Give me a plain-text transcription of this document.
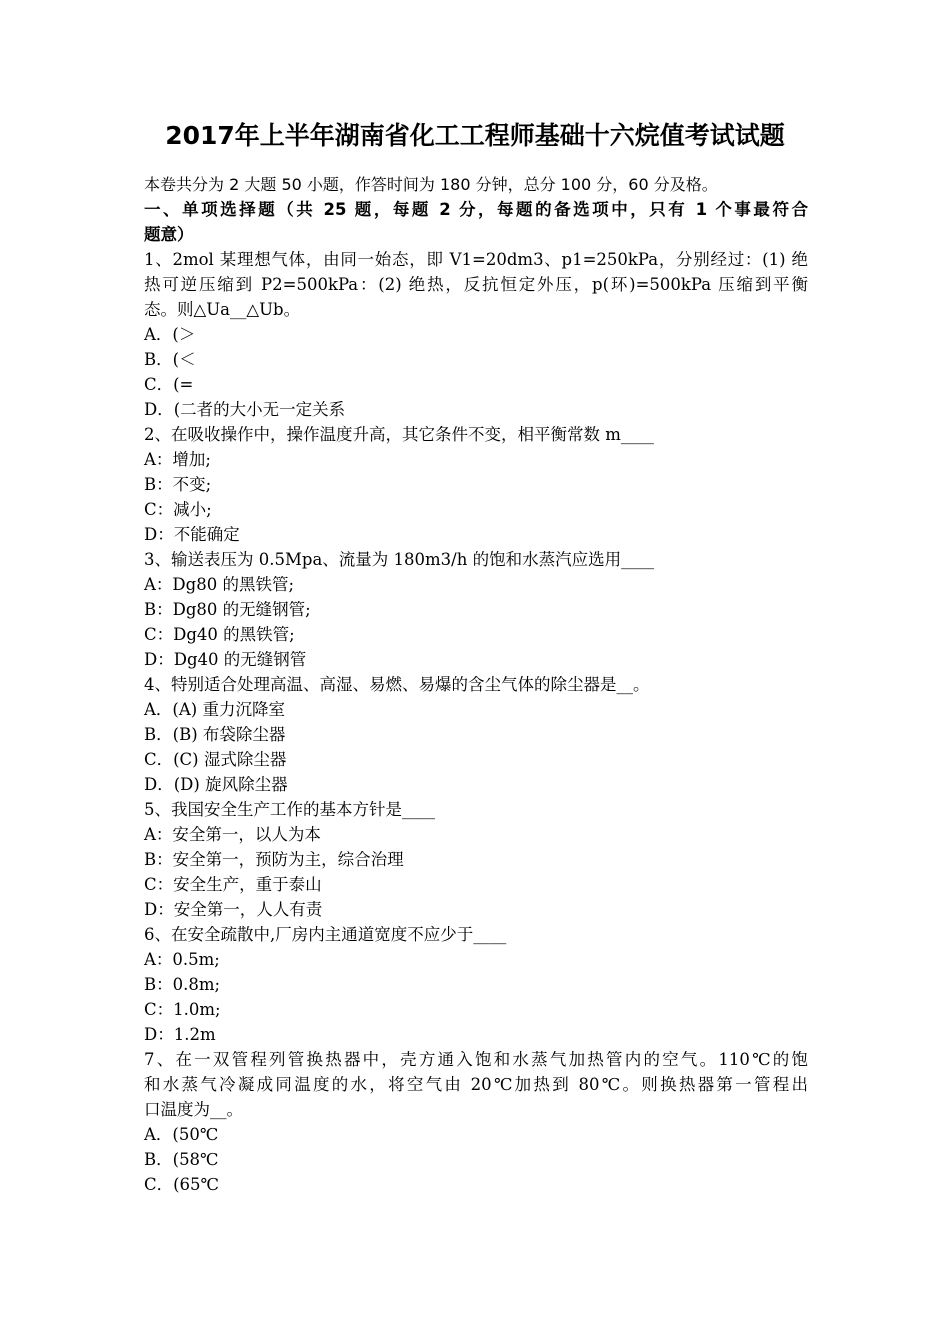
2017年上半年湖南省化工工程师基础十六烷值考试试题
本卷共分为 2 大题 50 小题，作答时间为 180 分钟，总分 100 分，60 分及格。
一、单项选择题（共 25 题，每题 2 分，每题的备选项中，只有 1 个事最符合
题意）
1、2mol 某理想气体，由同一始态，即 V1=20dm3、p1=250kPa，分别经过：(1) 绝
热可逆压缩到 P2=500kPa：(2) 绝热，反抗恒定外压，p(环)=500kPa 压缩到平衡
态。则△Ua__△Ub。
A．(＞
B．(＜
C．(=
D．(二者的大小无一定关系
2、在吸收操作中，操作温度升高，其它条件不变，相平衡常数 m____
A：增加;
B：不变;
C：减小;
D：不能确定
3、输送表压为 0.5Mpa、流量为 180m3/h 的饱和水蒸汽应选用____
A：Dg80 的黑铁管;
B：Dg80 的无缝钢管;
C：Dg40 的黑铁管;
D：Dg40 的无缝钢管
4、特别适合处理高温、高湿、易燃、易爆的含尘气体的除尘器是__。
A．(A) 重力沉降室
B．(B) 布袋除尘器
C．(C) 湿式除尘器
D．(D) 旋风除尘器
5、我国安全生产工作的基本方针是____
A：安全第一，以人为本
B：安全第一，预防为主，综合治理
C：安全生产，重于泰山
D：安全第一，人人有责
6、在安全疏散中,厂房内主通道宽度不应少于____
A：0.5m;
B：0.8m;
C：1.0m;
D：1.2m
7、在一双管程列管换热器中，壳方通入饱和水蒸气加热管内的空气。110℃的饱
和水蒸气冷凝成同温度的水，将空气由 20℃加热到 80℃。则换热器第一管程出
口温度为__。
A．(50℃
B．(58℃
C．(65℃
